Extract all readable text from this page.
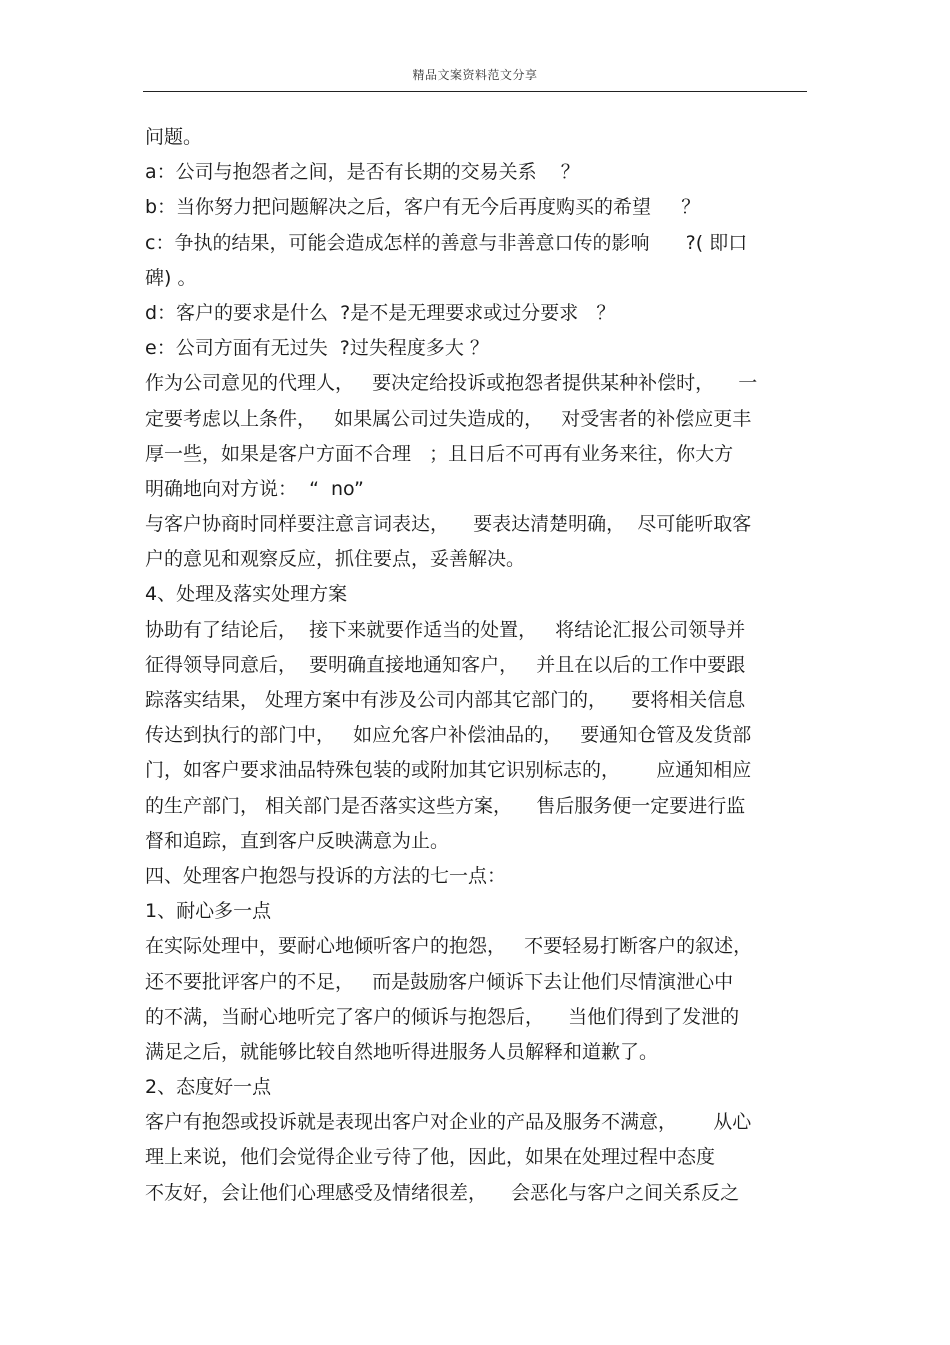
精品文案资料范文分享
问题。
a：公司与抱怨者之间，是否有长期的交易关系    ？
b：当你努力把问题解决之后，客户有无今后再度购买的希望     ？
c：争执的结果，可能会造成怎样的善意与非善意口传的影响      ?( 即口
碑) 。
d：客户的要求是什么  ?是不是无理要求或过分要求   ？
e：公司方面有无过失  ?过失程度多大 ？
作为公司意见的代理人，   要决定给投诉或抱怨者提供某种补偿时，    一
定要考虑以上条件，   如果属公司过失造成的，   对受害者的补偿应更丰
厚一些，如果是客户方面不合理   ；且日后不可再有业务来往，你大方
明确地向对方说：  “  no”
与客户协商时同样要注意言词表达，    要表达清楚明确，  尽可能听取客
户的意见和观察反应，抓住要点，妥善解决。
4、处理及落实处理方案
协助有了结论后，  接下来就要作适当的处置，   将结论汇报公司领导并
征得领导同意后，  要明确直接地通知客户，   并且在以后的工作中要跟
踪落实结果， 处理方案中有涉及公司内部其它部门的，    要将相关信息
传达到执行的部门中，   如应允客户补偿油品的，   要通知仓管及发货部
门，如客户要求油品特殊包装的或附加其它识别标志的，      应通知相应
的生产部门， 相关部门是否落实这些方案，    售后服务便一定要进行监
督和追踪，直到客户反映满意为止。
四、处理客户抱怨与投诉的方法的七一点：
1、耐心多一点
在实际处理中，要耐心地倾听客户的抱怨，   不要轻易打断客户的叙述，
还不要批评客户的不足，   而是鼓励客户倾诉下去让他们尽情演泄心中
的不满，当耐心地听完了客户的倾诉与抱怨后，    当他们得到了发泄的
满足之后，就能够比较自然地听得进服务人员解释和道歉了。
2、态度好一点
客户有抱怨或投诉就是表现出客户对企业的产品及服务不满意，      从心
理上来说，他们会觉得企业亏待了他，因此，如果在处理过程中态度
不友好，会让他们心理感受及情绪很差，    会恶化与客户之间关系反之
